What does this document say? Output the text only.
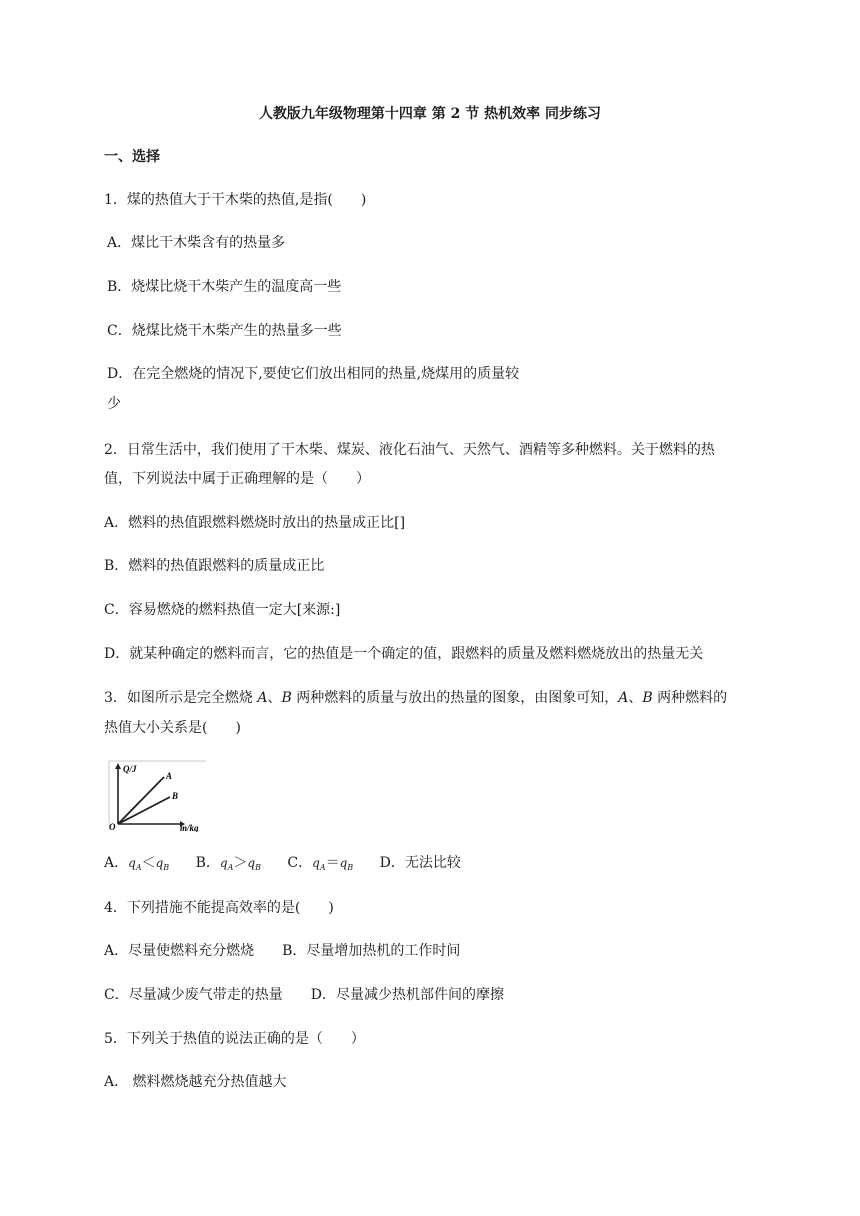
人教版九年级物理第十四章 第 2 节 热机效率 同步练习
一、选择
1．煤的热值大于干木柴的热值,是指(　　)
A．煤比干木柴含有的热量多
B．烧煤比烧干木柴产生的温度高一些
C．烧煤比烧干木柴产生的热量多一些
D．在完全燃烧的情况下,要使它们放出相同的热量,烧煤用的质量较
少
2．日常生活中，我们使用了干木柴、煤炭、液化石油气、天然气、酒精等多种燃料。关于燃料的热
值，下列说法中属于正确理解的是（　　）
A．燃料的热值跟燃料燃烧时放出的热量成正比[]
B．燃料的热值跟燃料的质量成正比
C．容易燃烧的燃料热值一定大[来源:]
D．就某种确定的燃料而言，它的热值是一个确定的值，跟燃料的质量及燃料燃烧放出的热量无关
3．如图所示是完全燃烧 A、B 两种燃料的质量与放出的热量的图象，由图象可知，A、B 两种燃料的
热值大小关系是(　　)
Q/J
A
B
O	m/kg
A．$q_A<q_B$ B．$q_A>q_B$ C．$q_A=q_B$ D．无法比较
4．下列措施不能提高效率的是(　　)
A．尽量使燃料充分燃烧 B．尽量增加热机的工作时间
C．尽量减少废气带走的热量 D．尽量减少热机部件间的摩擦
5．下列关于热值的说法正确的是（　　）
A． 燃料燃烧越充分热值越大
